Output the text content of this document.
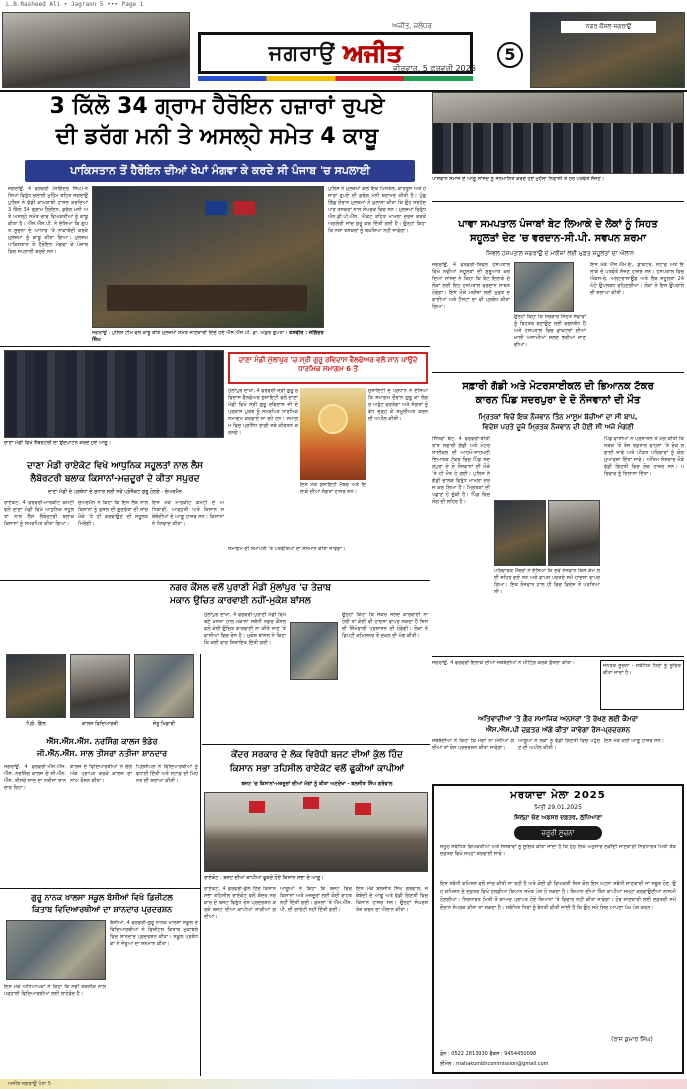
L.B.Rasheed Ali • Jagraon 5 ••• Page 1
ਜਗਰਾਉਂ ਅਜੀਤ
ਅਜੀਤ, ਜਲੰਧਰ
ਵੀਰਵਾਰ, 5 ਫਰਵਰੀ 2026
5
ਨਗਰ ਕੌਂਸਲ ਜਗਰਾਉਂ
3 ਕਿੱਲੋ 34 ਗ੍ਰਾਮ ਹੈਰੋਇਨ ਹਜ਼ਾਰਾਂ ਰੁਪਏ
ਦੀ ਡਰੱਗ ਮਨੀ ਤੇ ਅਸਲ੍ਹੇ ਸਮੇਤ 4 ਕਾਬੂ
ਪਾਕਿਸਤਾਨ ਤੋਂ ਹੈਰੋਇਨ ਦੀਆਂ ਖੇਪਾਂ ਮੰਗਵਾ ਕੇ ਕਰਦੇ ਸੀ ਪੰਜਾਬ 'ਚ ਸਪਲਾਈ
ਜਗਰਾਉਂ, 4 ਫਰਵਰੀ (ਜੋਗਿੰਦਰ ਸਿੰਘ)-ਨਸ਼ਿਆਂ ਵਿਰੁੱਧ ਚਲਾਈ ਮੁਹਿੰਮ ਤਹਿਤ ਜਗਰਾਉਂ ਪੁਲਿਸ ਨੇ ਵੱਡੀ ਕਾਮਯਾਬੀ ਹਾਸਲ ਕਰਦਿਆਂ 3 ਕਿੱਲੋ 34 ਗ੍ਰਾਮ ਹੈਰੋਇਨ, ਡਰੱਗ ਮਨੀ ਅਤੇ ਅਸਲ੍ਹੇ ਸਮੇਤ ਚਾਰ ਵਿਅਕਤੀਆਂ ਨੂੰ ਕਾਬੂ ਕੀਤਾ ਹੈ। ਐੱਸ.ਐੱਸ.ਪੀ. ਨੇ ਦੱਸਿਆ ਕਿ ਗੁਪਤ ਸੂਚਨਾ ਦੇ ਆਧਾਰ 'ਤੇ ਨਾਕਾਬੰਦੀ ਕਰਕੇ ਮੁਲਜ਼ਮਾਂ ਨੂੰ ਕਾਬੂ ਕੀਤਾ ਗਿਆ। ਮੁਲਜ਼ਮ ਪਾਕਿਸਤਾਨ ਤੋਂ ਹੈਰੋਇਨ ਮੰਗਵਾ ਕੇ ਪੰਜਾਬ ਵਿਚ ਸਪਲਾਈ ਕਰਦੇ ਸਨ।
ਪੁਲਿਸ ਨੇ ਮੁਲਜ਼ਮਾਂ ਕੋਲੋਂ ਇਕ ਪਿਸਤੌਲ, ਕਾਰਤੂਸ ਅਤੇ ਹਜ਼ਾਰਾਂ ਰੁਪਏ ਦੀ ਡਰੱਗ ਮਨੀ ਬਰਾਮਦ ਕੀਤੀ ਹੈ। ਪੁੱਛਗਿੱਛ ਦੌਰਾਨ ਮੁਲਜ਼ਮਾਂ ਨੇ ਖ਼ੁਲਾਸਾ ਕੀਤਾ ਕਿ ਉਹ ਸਰਹੱਦ ਪਾਰ ਤਸਕਰਾਂ ਨਾਲ ਸੰਪਰਕ ਵਿਚ ਸਨ। ਮੁਲਜ਼ਮਾਂ ਵਿਰੁੱਧ ਐਨ.ਡੀ.ਪੀ.ਐੱਸ. ਐਕਟ ਤਹਿਤ ਮਾਮਲਾ ਦਰਜ ਕਰਕੇ ਅਗਲੇਰੀ ਜਾਂਚ ਸ਼ੁਰੂ ਕਰ ਦਿੱਤੀ ਗਈ ਹੈ। ਉਨ੍ਹਾਂ ਕਿਹਾ ਕਿ ਨਸ਼ਾ ਤਸਕਰਾਂ ਨੂੰ ਬਖ਼ਸ਼ਿਆ ਨਹੀਂ ਜਾਵੇਗਾ।
ਜਗਰਾਉਂ : ਪੁਲਿਸ ਟੀਮ ਵਲੋਂ ਕਾਬੂ ਕੀਤੇ ਮੁਲਜ਼ਮਾਂ ਸਮੇਤ ਜਾਣਕਾਰੀ ਦਿੰਦੇ ਹੋਏ ਐੱਸ.ਐੱਸ.ਪੀ. ਡਾ. ਅੰਕੁਰ ਗੁਪਤਾ। ਤਸਵੀਰ : ਜੋਗਿੰਦਰ ਸਿੰਘ
ਪਾਸਵਾਨ ਸਮਾਜ ਦੇ ਆਗੂ ਸਾਂਸਦ ਨੂੰ ਸਨਮਾਨਿਤ ਕਰਦੇ ਹੋਏ ਮੁਹੱਲਾ ਨਿਵਾਸੀ ਤੇ ਹੋਰ ਪਤਵੰਤੇ ਸੱਜਣ।
ਪਾਵਾ ਸਮਪਤਾਲ ਪੰਜਾਬਾਂ ਬੇਟ ਲਿਆਕੇ ਦੇ ਲੋਕਾਂ ਨੂੰ ਸਿਹਤ
ਸਹੂਲਤਾਂ ਦੇਣ 'ਚ ਵਰਦਾਨ-ਸੀ.ਪੀ. ਸਵਪਨ ਸ਼ਰਮਾ
ਸਿਵਲ ਹਸਪਤਾਲ ਜਗਰਾਉਂ ਦੇ ਮਰੀਜ਼ਾਂ ਲਈ ਮੁਫ਼ਤ ਸਹੂਲਤਾਂ ਦਾ ਐਲਾਨ
ਜਗਰਾਉਂ, 4 ਫਰਵਰੀ-ਸਿਵਲ ਹਸਪਤਾਲ ਵਿਖੇ ਨਵੀਆਂ ਸਹੂਲਤਾਂ ਦੀ ਸ਼ੁਰੂਆਤ ਕਰਦਿਆਂ ਸਾਂਸਦ ਨੇ ਕਿਹਾ ਕਿ ਬੇਟ ਇਲਾਕੇ ਦੇ ਲੋਕਾਂ ਲਈ ਇਹ ਹਸਪਤਾਲ ਵਰਦਾਨ ਸਾਬਤ ਹੋਵੇਗਾ। ਇਸ ਮੌਕੇ ਮਰੀਜ਼ਾਂ ਲਈ ਮੁਫ਼ਤ ਦਵਾਈਆਂ ਅਤੇ ਟੈਸਟਾਂ ਦਾ ਵੀ ਪ੍ਰਬੰਧ ਕੀਤਾ ਗਿਆ।
ਉਨ੍ਹਾਂ ਕਿਹਾ ਕਿ ਸਰਕਾਰ ਸਿਹਤ ਸੇਵਾਵਾਂ ਨੂੰ ਬਿਹਤਰ ਬਣਾਉਣ ਲਈ ਵਚਨਬੱਧ ਹੈ ਅਤੇ ਹਸਪਤਾਲ ਵਿਚ ਡਾਕਟਰਾਂ ਦੀਆਂ ਖ਼ਾਲੀ ਅਸਾਮੀਆਂ ਜਲਦ ਭਰੀਆਂ ਜਾਣਗੀਆਂ।
ਇਸ ਮੌਕੇ ਐੱਸ.ਐੱਮ.ਓ., ਡਾਕਟਰ, ਸਟਾਫ਼ ਅਤੇ ਇਲਾਕੇ ਦੇ ਪਤਵੰਤੇ ਸੱਜਣ ਹਾਜ਼ਰ ਸਨ। ਹਸਪਤਾਲ ਵਿਚ ਐਕਸ-ਰੇ, ਅਲਟਰਾਸਾਊਂਡ ਅਤੇ ਲੈਬ ਸਹੂਲਤਾਂ 24 ਘੰਟੇ ਉਪਲਬਧ ਰਹਿਣਗੀਆਂ। ਲੋਕਾਂ ਨੇ ਇਸ ਉਪਰਾਲੇ ਦੀ ਸ਼ਲਾਘਾ ਕੀਤੀ।
ਸਫ਼ਾਰੀ ਗੱਡੀ ਅਤੇ ਮੋਟਰਸਾਈਕਲ ਦੀ ਭਿਆਨਕ ਟੱਕਰ
ਕਾਰਨ ਪਿੰਡ ਸਦਰਪੁਰਾ ਦੇ ਦੋ ਨੌਜਵਾਨਾਂ ਦੀ ਮੌਤ
ਮ੍ਰਿਤਕਾਂ ਵਿਚੋਂ ਇਕ ਨੌਜਵਾਨ ਤਿੰਨ ਮਾਸੂਮ ਬੱਚੀਆਂ ਦਾ ਸੀ ਬਾਪ,
ਵਿਦੇਸ਼ ਪਰਤੇ ਦੂਜੇ ਮ੍ਰਿਤਕ ਨੌਜਵਾਨ ਦੀ ਹੋਈ ਸੀ ਅਜੇ ਮੰਗਣੀ
ਸਿੱਧਵਾਂ ਬੇਟ, 4 ਫਰਵਰੀ-ਬੀਤੀ ਰਾਤ ਸਫ਼ਾਰੀ ਗੱਡੀ ਅਤੇ ਮੋਟਰਸਾਈਕਲ ਦੀ ਆਹਮੋ-ਸਾਹਮਣੀ ਭਿਆਨਕ ਟੱਕਰ ਵਿਚ ਪਿੰਡ ਸਦਰਪੁਰਾ ਦੇ ਦੋ ਨੌਜਵਾਨਾਂ ਦੀ ਮੌਕੇ 'ਤੇ ਹੀ ਮੌਤ ਹੋ ਗਈ। ਪੁਲਿਸ ਨੇ ਗੱਡੀ ਚਾਲਕ ਵਿਰੁੱਧ ਮਾਮਲਾ ਦਰਜ ਕਰ ਲਿਆ ਹੈ। ਮ੍ਰਿਤਕਾਂ ਦੀ ਪਛਾਣ ਹੋ ਚੁੱਕੀ ਹੈ। ਪਿੰਡ ਵਿਚ ਸੋਗ ਦੀ ਲਹਿਰ ਹੈ।
ਪਰਿਵਾਰਕ ਮੈਂਬਰਾਂ ਨੇ ਦੱਸਿਆ ਕਿ ਦੋਵੇਂ ਨੌਜਵਾਨ ਕਿਸੇ ਕੰਮ ਲਈ ਸ਼ਹਿਰ ਗਏ ਸਨ ਅਤੇ ਵਾਪਸ ਪਰਤਦੇ ਸਮੇਂ ਹਾਦਸਾ ਵਾਪਰ ਗਿਆ। ਇਕ ਨੌਜਵਾਨ ਹਾਲ ਹੀ ਵਿਚ ਵਿਦੇਸ਼ ਤੋਂ ਪਰਤਿਆ ਸੀ।
ਪਿੰਡ ਵਾਸੀਆਂ ਨੇ ਪ੍ਰਸ਼ਾਸਨ ਤੋਂ ਮੰਗ ਕੀਤੀ ਕਿ ਸੜਕ 'ਤੇ ਤੇਜ਼ ਰਫ਼ਤਾਰ ਵਾਹਨਾਂ 'ਤੇ ਰੋਕ ਲਗਾਈ ਜਾਵੇ ਅਤੇ ਪੀੜਤ ਪਰਿਵਾਰਾਂ ਨੂੰ ਯੋਗ ਮੁਆਵਜ਼ਾ ਦਿੱਤਾ ਜਾਵੇ। ਅੰਤਿਮ ਸੰਸਕਾਰ ਮੌਕੇ ਵੱਡੀ ਗਿਣਤੀ ਵਿਚ ਲੋਕ ਹਾਜ਼ਰ ਸਨ। ਪਰਿਵਾਰ ਨੂੰ ਦਿਲਾਸਾ ਦਿੱਤਾ।
ਦਾਣਾ ਮੰਡੀ ਵਿਖੇ ਲੈਬੋਰਟਰੀ ਦਾ ਉਦਘਾਟਨ ਕਰਦੇ ਹੋਏ ਆਗੂ।
ਦਾਣਾ ਮੰਡੀ ਮੁੱਲਾਂਪੁਰ 'ਚ ਸ੍ਰੀ ਗੁਰੂ ਰਵਿਦਾਸ ਵੈਲਫੇਅਰ ਵਲੋਂ ਸ਼ਾਨ ਪਾਉਂਦੇ ਧਾਰਮਿਕ ਸਮਾਗਮ 6 ਤੋਂ
ਮੁੱਲਾਂਪੁਰ ਦਾਖਾ, 4 ਫਰਵਰੀ-ਸ੍ਰੀ ਗੁਰੂ ਰਵਿਦਾਸ ਵੈਲਫੇਅਰ ਸੁਸਾਇਟੀ ਵਲੋਂ ਦਾਣਾ ਮੰਡੀ ਵਿਖੇ ਸ੍ਰੀ ਗੁਰੂ ਰਵਿਦਾਸ ਜੀ ਦੇ ਪ੍ਰਕਾਸ਼ ਪੁਰਬ ਨੂੰ ਸਮਰਪਿਤ ਧਾਰਮਿਕ ਸਮਾਗਮ ਕਰਵਾਏ ਜਾ ਰਹੇ ਹਨ। ਸਮਾਗਮ ਵਿਚ ਪ੍ਰਸਿੱਧ ਰਾਗੀ ਜਥੇ ਕੀਰਤਨ ਕਰਨਗੇ।
ਸੁਸਾਇਟੀ ਦੇ ਪ੍ਰਧਾਨ ਨੇ ਦੱਸਿਆ ਕਿ ਸਮਾਗਮ ਦੌਰਾਨ ਗੁਰੂ ਕਾ ਲੰਗਰ ਅਤੁੱਟ ਵਰਤੇਗਾ ਅਤੇ ਸੰਗਤਾਂ ਨੂੰ ਵੱਧ ਚੜ੍ਹ ਕੇ ਸ਼ਮੂਲੀਅਤ ਕਰਨ ਦੀ ਅਪੀਲ ਕੀਤੀ।
ਇਸ ਮੌਕੇ ਸੁਸਾਇਟੀ ਮੈਂਬਰ ਅਤੇ ਇਲਾਕੇ ਦੀਆਂ ਸੰਗਤਾਂ ਹਾਜ਼ਰ ਸਨ।
ਦਾਣਾ ਮੰਡੀ ਰਾਏਕੋਟ ਵਿਖੇ ਆਧੁਨਿਕ ਸਹੂਲਤਾਂ ਨਾਲ ਲੈਸ
ਲੈਬੋਰਟਰੀ ਬਲਾਕ ਕਿਸਾਨਾਂ-ਮਜ਼ਦੂਰਾਂ ਦੇ ਕੀਤਾ ਸਪੁਰਦ
ਦਾਣਾ ਮੰਡੀ ਦੇ ਪ੍ਰਬੰਧਾਂ ਦੇ ਸੁਧਾਰ ਲਈ ਨਵੇਂ ਪ੍ਰੋਜੈਕਟ ਸ਼ੁਰੂ ਹੋਣਗੇ - ਚੇਅਰਮੈਨ
ਰਾਏਕੋਟ, 4 ਫਰਵਰੀ-ਮਾਰਕੀਟ ਕਮੇਟੀ ਵਲੋਂ ਦਾਣਾ ਮੰਡੀ ਵਿਖੇ ਆਧੁਨਿਕ ਸਹੂਲਤਾਂ ਨਾਲ ਲੈਸ ਲੈਬੋਰਟਰੀ ਬਲਾਕ ਕਿਸਾਨਾਂ ਨੂੰ ਸਮਰਪਿਤ ਕੀਤਾ ਗਿਆ।
ਚੇਅਰਮੈਨ ਨੇ ਕਿਹਾ ਕਿ ਇਸ ਲੈਬ ਨਾਲ ਕਿਸਾਨਾਂ ਨੂੰ ਫ਼ਸਲ ਦੀ ਗੁਣਵੱਤਾ ਦੀ ਜਾਂਚ ਮੌਕੇ 'ਤੇ ਹੀ ਕਰਵਾਉਣ ਦੀ ਸਹੂਲਤ ਮਿਲੇਗੀ।
ਇਸ ਮੌਕੇ ਮਾਰਕੀਟ ਕਮੇਟੀ ਦੇ ਅਧਿਕਾਰੀ, ਆੜ੍ਹਤੀ ਅਤੇ ਕਿਸਾਨ ਜਥੇਬੰਦੀਆਂ ਦੇ ਆਗੂ ਹਾਜ਼ਰ ਸਨ। ਕਿਸਾਨਾਂ ਨੇ ਧੰਨਵਾਦ ਕੀਤਾ।
ਸਮਾਗਮ ਦੀ ਸਮਾਪਤੀ 'ਤੇ ਪਤਵੰਤਿਆਂ ਦਾ ਸਨਮਾਨ ਕੀਤਾ ਜਾਵੇਗਾ।
ਨਗਰ ਕੌਂਸਲ ਵਲੋਂ ਪੁਰਾਣੀ ਮੰਡੀ ਮੁੱਲਾਂਪੁਰ 'ਚ ਤੇਜ਼ਾਬ
ਮਕਾਨ ਉਚਿਤ ਕਾਰਵਾਈ ਨਹੀਂ-ਮੁਕੇਸ਼ ਬਾਂਸਲ
ਮੁੱਲਾਂਪੁਰ ਦਾਖਾ, 4 ਫਰਵਰੀ-ਪੁਰਾਣੀ ਮੰਡੀ ਵਿਖੇ ਬਣੇ ਖ਼ਸਤਾ ਹਾਲ ਮਕਾਨਾਂ ਸਬੰਧੀ ਨਗਰ ਕੌਂਸਲ ਵਲੋਂ ਕੋਈ ਉਚਿਤ ਕਾਰਵਾਈ ਨਾ ਕੀਤੇ ਜਾਣ 'ਤੇ ਵਾਸੀਆਂ ਵਿਚ ਰੋਸ ਹੈ। ਮੁਕੇਸ਼ ਬਾਂਸਲ ਨੇ ਕਿਹਾ ਕਿ ਕਈ ਵਾਰ ਸ਼ਿਕਾਇਤ ਦਿੱਤੀ ਗਈ।
ਉਨ੍ਹਾਂ ਕਿਹਾ ਕਿ ਜੇਕਰ ਜਲਦ ਕਾਰਵਾਈ ਨਾ ਹੋਈ ਤਾਂ ਕੋਈ ਵੀ ਹਾਦਸਾ ਵਾਪਰ ਸਕਦਾ ਹੈ ਜਿਸ ਦੀ ਜ਼ਿੰਮੇਵਾਰੀ ਪ੍ਰਸ਼ਾਸਨ ਦੀ ਹੋਵੇਗੀ। ਲੋਕਾਂ ਨੇ ਡਿਪਟੀ ਕਮਿਸ਼ਨਰ ਤੋਂ ਦਖ਼ਲ ਦੀ ਮੰਗ ਕੀਤੀ।
ਪ੍ਰਿੰ. ਗਿੱਲ	ਕਾਲਜ ਵਿਦਿਆਰਥੀ	ਜੇਤੂ ਖਿਡਾਰੀ
ਐੱਸ.ਐੱਸ.ਐੱਸ. ਨਰਸਿੰਗ ਕਾਲਜ ਭੰਡੇਰ
ਜੀ.ਐੱਨ.ਐੱਸ. ਸਾਲ ਤੀਸਰਾ ਨਤੀਜਾ ਸ਼ਾਨਦਾਰ
ਜਗਰਾਉਂ, 4 ਫਰਵਰੀ-ਐੱਸ.ਐੱਸ.ਐੱਸ. ਨਰਸਿੰਗ ਕਾਲਜ ਦੇ ਜੀ.ਐੱਨ.ਐੱਸ. ਤੀਸਰੇ ਸਾਲ ਦਾ ਨਤੀਜਾ ਸ਼ਾਨਦਾਰ ਰਿਹਾ।
ਕਾਲਜ ਦੇ ਵਿਦਿਆਰਥੀਆਂ ਨੇ ਚੰਗੇ ਅੰਕ ਪ੍ਰਾਪਤ ਕਰਕੇ ਕਾਲਜ ਦਾ ਨਾਂਅ ਰੌਸ਼ਨ ਕੀਤਾ।
ਪ੍ਰਿੰਸੀਪਲ ਨੇ ਵਿਦਿਆਰਥੀਆਂ ਨੂੰ ਵਧਾਈ ਦਿੱਤੀ ਅਤੇ ਸਟਾਫ਼ ਦੀ ਮਿਹਨਤ ਦੀ ਸ਼ਲਾਘਾ ਕੀਤੀ।
ਗੁਰੂ ਨਾਨਕ ਖਾਲਸਾ ਸਕੂਲ ਬੱਸੀਆਂ ਵਿਖੇ ਡਿਜ਼ੀਟਲ
ਕਿਤਾਬ ਵਿਦਿਆਰਥੀਆਂ ਦਾ ਸ਼ਾਨਦਾਰ ਪ੍ਰਦਰਸ਼ਨ
ਬੱਸੀਆਂ, 4 ਫਰਵਰੀ-ਗੁਰੂ ਨਾਨਕ ਖਾਲਸਾ ਸਕੂਲ ਦੇ ਵਿਦਿਆਰਥੀਆਂ ਨੇ ਡਿਜ਼ੀਟਲ ਕਿਤਾਬ ਮੁਕਾਬਲੇ ਵਿਚ ਸ਼ਾਨਦਾਰ ਪ੍ਰਦਰਸ਼ਨ ਕੀਤਾ। ਸਕੂਲ ਪ੍ਰਬੰਧਕਾਂ ਨੇ ਜੇਤੂਆਂ ਦਾ ਸਨਮਾਨ ਕੀਤਾ।
ਇਸ ਮੌਕੇ ਅਧਿਆਪਕਾਂ ਨੇ ਕਿਹਾ ਕਿ ਨਵੀਂ ਤਕਨੀਕ ਨਾਲ ਪੜ੍ਹਾਈ ਵਿਦਿਆਰਥੀਆਂ ਲਈ ਲਾਹੇਵੰਦ ਹੈ।
ਕੇਂਦਰ ਸਰਕਾਰ ਦੇ ਲੋਕ ਵਿਰੋਧੀ ਬਜਟ ਦੀਆਂ ਕੁੱਲ ਹਿੰਦ
ਕਿਸਾਨ ਸਭਾ ਤਹਿਸੀਲ ਰਾਏਕੋਟ ਵਲੋਂ ਫੂਕੀਆਂ ਕਾਪੀਆਂ
ਬਜਟ 'ਚ ਕਿਸਾਨਾਂ-ਮਜ਼ਦੂਰਾਂ ਦੀਆਂ ਮੰਗਾਂ ਨੂੰ ਕੀਤਾ ਅਣਦੇਖਾ - ਬਲਜੀਤ ਸਿੰਘ ਗਰੇਵਾਲ
ਰਾਏਕੋਟ : ਬਜਟ ਦੀਆਂ ਕਾਪੀਆਂ ਫੂਕਦੇ ਹੋਏ ਕਿਸਾਨ ਸਭਾ ਦੇ ਆਗੂ।
ਰਾਏਕੋਟ, 4 ਫਰਵਰੀ-ਕੁੱਲ ਹਿੰਦ ਕਿਸਾਨ ਸਭਾ ਤਹਿਸੀਲ ਰਾਏਕੋਟ ਵਲੋਂ ਕੇਂਦਰ ਸਰਕਾਰ ਦੇ ਬਜਟ ਵਿਰੁੱਧ ਰੋਸ ਪ੍ਰਦਰਸ਼ਨ ਕਰਕੇ ਬਜਟ ਦੀਆਂ ਕਾਪੀਆਂ ਸਾੜੀਆਂ ਗਈਆਂ।
ਆਗੂਆਂ ਨੇ ਕਿਹਾ ਕਿ ਬਜਟ ਵਿਚ ਕਿਸਾਨਾਂ ਅਤੇ ਮਜ਼ਦੂਰਾਂ ਲਈ ਕੋਈ ਰਾਹਤ ਨਹੀਂ ਦਿੱਤੀ ਗਈ। ਫ਼ਸਲਾਂ 'ਤੇ ਐੱਮ.ਐੱਸ.ਪੀ. ਦੀ ਗਾਰੰਟੀ ਨਹੀਂ ਦਿੱਤੀ ਗਈ।
ਇਸ ਮੌਕੇ ਬਲਜੀਤ ਸਿੰਘ ਗਰੇਵਾਲ, ਜਥੇਬੰਦੀ ਦੇ ਆਗੂ ਅਤੇ ਵੱਡੀ ਗਿਣਤੀ ਵਿਚ ਕਿਸਾਨ ਹਾਜ਼ਰ ਸਨ। ਉਨ੍ਹਾਂ ਸੰਘਰਸ਼ ਤੇਜ਼ ਕਰਨ ਦਾ ਐਲਾਨ ਕੀਤਾ।
ਜਨਤਕ ਸੂਚਨਾ - ਸਬੰਧਿਤ ਧਿਰਾਂ ਨੂੰ ਸੂਚਿਤ ਕੀਤਾ ਜਾਂਦਾ ਹੈ।
ਜਗਰਾਉਂ, 4 ਫਰਵਰੀ-ਇਲਾਕੇ ਦੀਆਂ ਜਥੇਬੰਦੀਆਂ ਨੇ ਮੀਟਿੰਗ ਕਰਕੇ ਫ਼ੈਸਲਾ ਕੀਤਾ।
ਅਤਿਵਾਦੀਆਂ 'ਤੇ ਗੈਰ ਸਮਾਜਿਕ ਅਨਸਰਾਂ 'ਤੇ ਰੱਖਣ ਲਈ ਕੈਮਰਾ
ਐੱਸ.ਐੱਸ.ਪੀ ਦਫ਼ਤਰ ਅੱਗੇ ਕੀਤਾ ਜਾਵੇਗਾ ਰੋਸ-ਪ੍ਰਦਰਸ਼ਨ
ਜਥੇਬੰਦੀਆਂ ਨੇ ਕਿਹਾ ਕਿ ਮੰਗਾਂ ਨਾ ਮੰਨੀਆਂ ਗਈਆਂ ਤਾਂ ਰੋਸ ਪ੍ਰਦਰਸ਼ਨ ਕੀਤਾ ਜਾਵੇਗਾ।
ਆਗੂਆਂ ਨੇ ਲੋਕਾਂ ਨੂੰ ਵੱਡੀ ਗਿਣਤੀ ਵਿਚ ਪਹੁੰਚਣ ਦੀ ਅਪੀਲ ਕੀਤੀ।
ਇਸ ਮੌਕੇ ਕਈ ਆਗੂ ਹਾਜ਼ਰ ਸਨ।
ਮਰਯਾਦਾ ਮੇਲਾ 2025
ਮਿਤੀ 29.01.2025
ਜ਼ਿਲ੍ਹਾ ਚੋਣ ਅਫ਼ਸਰ ਦਫ਼ਤਰ, ਲੁਧਿਆਣਾ
ਜ਼ਰੂਰੀ ਸੂਚਨਾ
ਸਮੂਹ ਸਬੰਧਿਤ ਵਿਅਕਤੀਆਂ ਅਤੇ ਸੰਸਥਾਵਾਂ ਨੂੰ ਸੂਚਿਤ ਕੀਤਾ ਜਾਂਦਾ ਹੈ ਕਿ ਹੇਠ ਲਿਖੇ ਅਨੁਸਾਰ ਲੋੜੀਂਦੀ ਜਾਣਕਾਰੀ ਨਿਰਧਾਰਤ ਮਿਤੀ ਤੱਕ ਦਫ਼ਤਰ ਵਿਖੇ ਜਮ੍ਹਾਂ ਕਰਵਾਈ ਜਾਵੇ।
ਇਸ ਸਬੰਧੀ ਕਮਿਸ਼ਨ ਵਲੋਂ ਜਾਂਚ ਕੀਤੀ ਜਾ ਰਹੀ ਹੈ ਅਤੇ ਕੋਈ ਵੀ ਵਿਅਕਤੀ ਜਿਸ ਕੋਲ ਇਸ ਘਟਨਾ ਸਬੰਧੀ ਜਾਣਕਾਰੀ ਜਾਂ ਸਬੂਤ ਹੋਣ, ਉਹ ਕਮਿਸ਼ਨ ਦੇ ਦਫ਼ਤਰ ਵਿਖੇ ਹਲਫ਼ੀਆ ਬਿਆਨ ਸਮੇਤ ਪੇਸ਼ ਹੋ ਸਕਦਾ ਹੈ। ਬਿਆਨ ਦੀਆਂ ਤਿੰਨ ਕਾਪੀਆਂ ਜਮ੍ਹਾਂ ਕਰਵਾਉਣੀਆਂ ਲਾਜ਼ਮੀ ਹੋਣਗੀਆਂ। ਨਿਰਧਾਰਤ ਮਿਤੀ ਤੋਂ ਬਾਅਦ ਪ੍ਰਾਪਤ ਹੋਏ ਬਿਆਨਾਂ 'ਤੇ ਵਿਚਾਰ ਨਹੀਂ ਕੀਤਾ ਜਾਵੇਗਾ। ਹੋਰ ਜਾਣਕਾਰੀ ਲਈ ਦਫ਼ਤਰੀ ਸਮੇਂ ਦੌਰਾਨ ਸੰਪਰਕ ਕੀਤਾ ਜਾ ਸਕਦਾ ਹੈ। ਸਬੰਧਿਤ ਧਿਰਾਂ ਨੂੰ ਬੇਨਤੀ ਕੀਤੀ ਜਾਂਦੀ ਹੈ ਕਿ ਉਹ ਸਮੇਂ ਸਿਰ ਆਪਣਾ ਪੱਖ ਪੇਸ਼ ਕਰਨ।
(ਰਾਜ ਕੁਮਾਰ ਸਿੰਘ)
ਫ਼ੋਨ : 0522 2813930 ਫੈਕਸ : 9454450098
ਈਮੇਲ : mahakumbhcommission@gmail.com
ਅਜੀਤ ਜਗਰਾਉਂ ਪੰਨਾ 5
